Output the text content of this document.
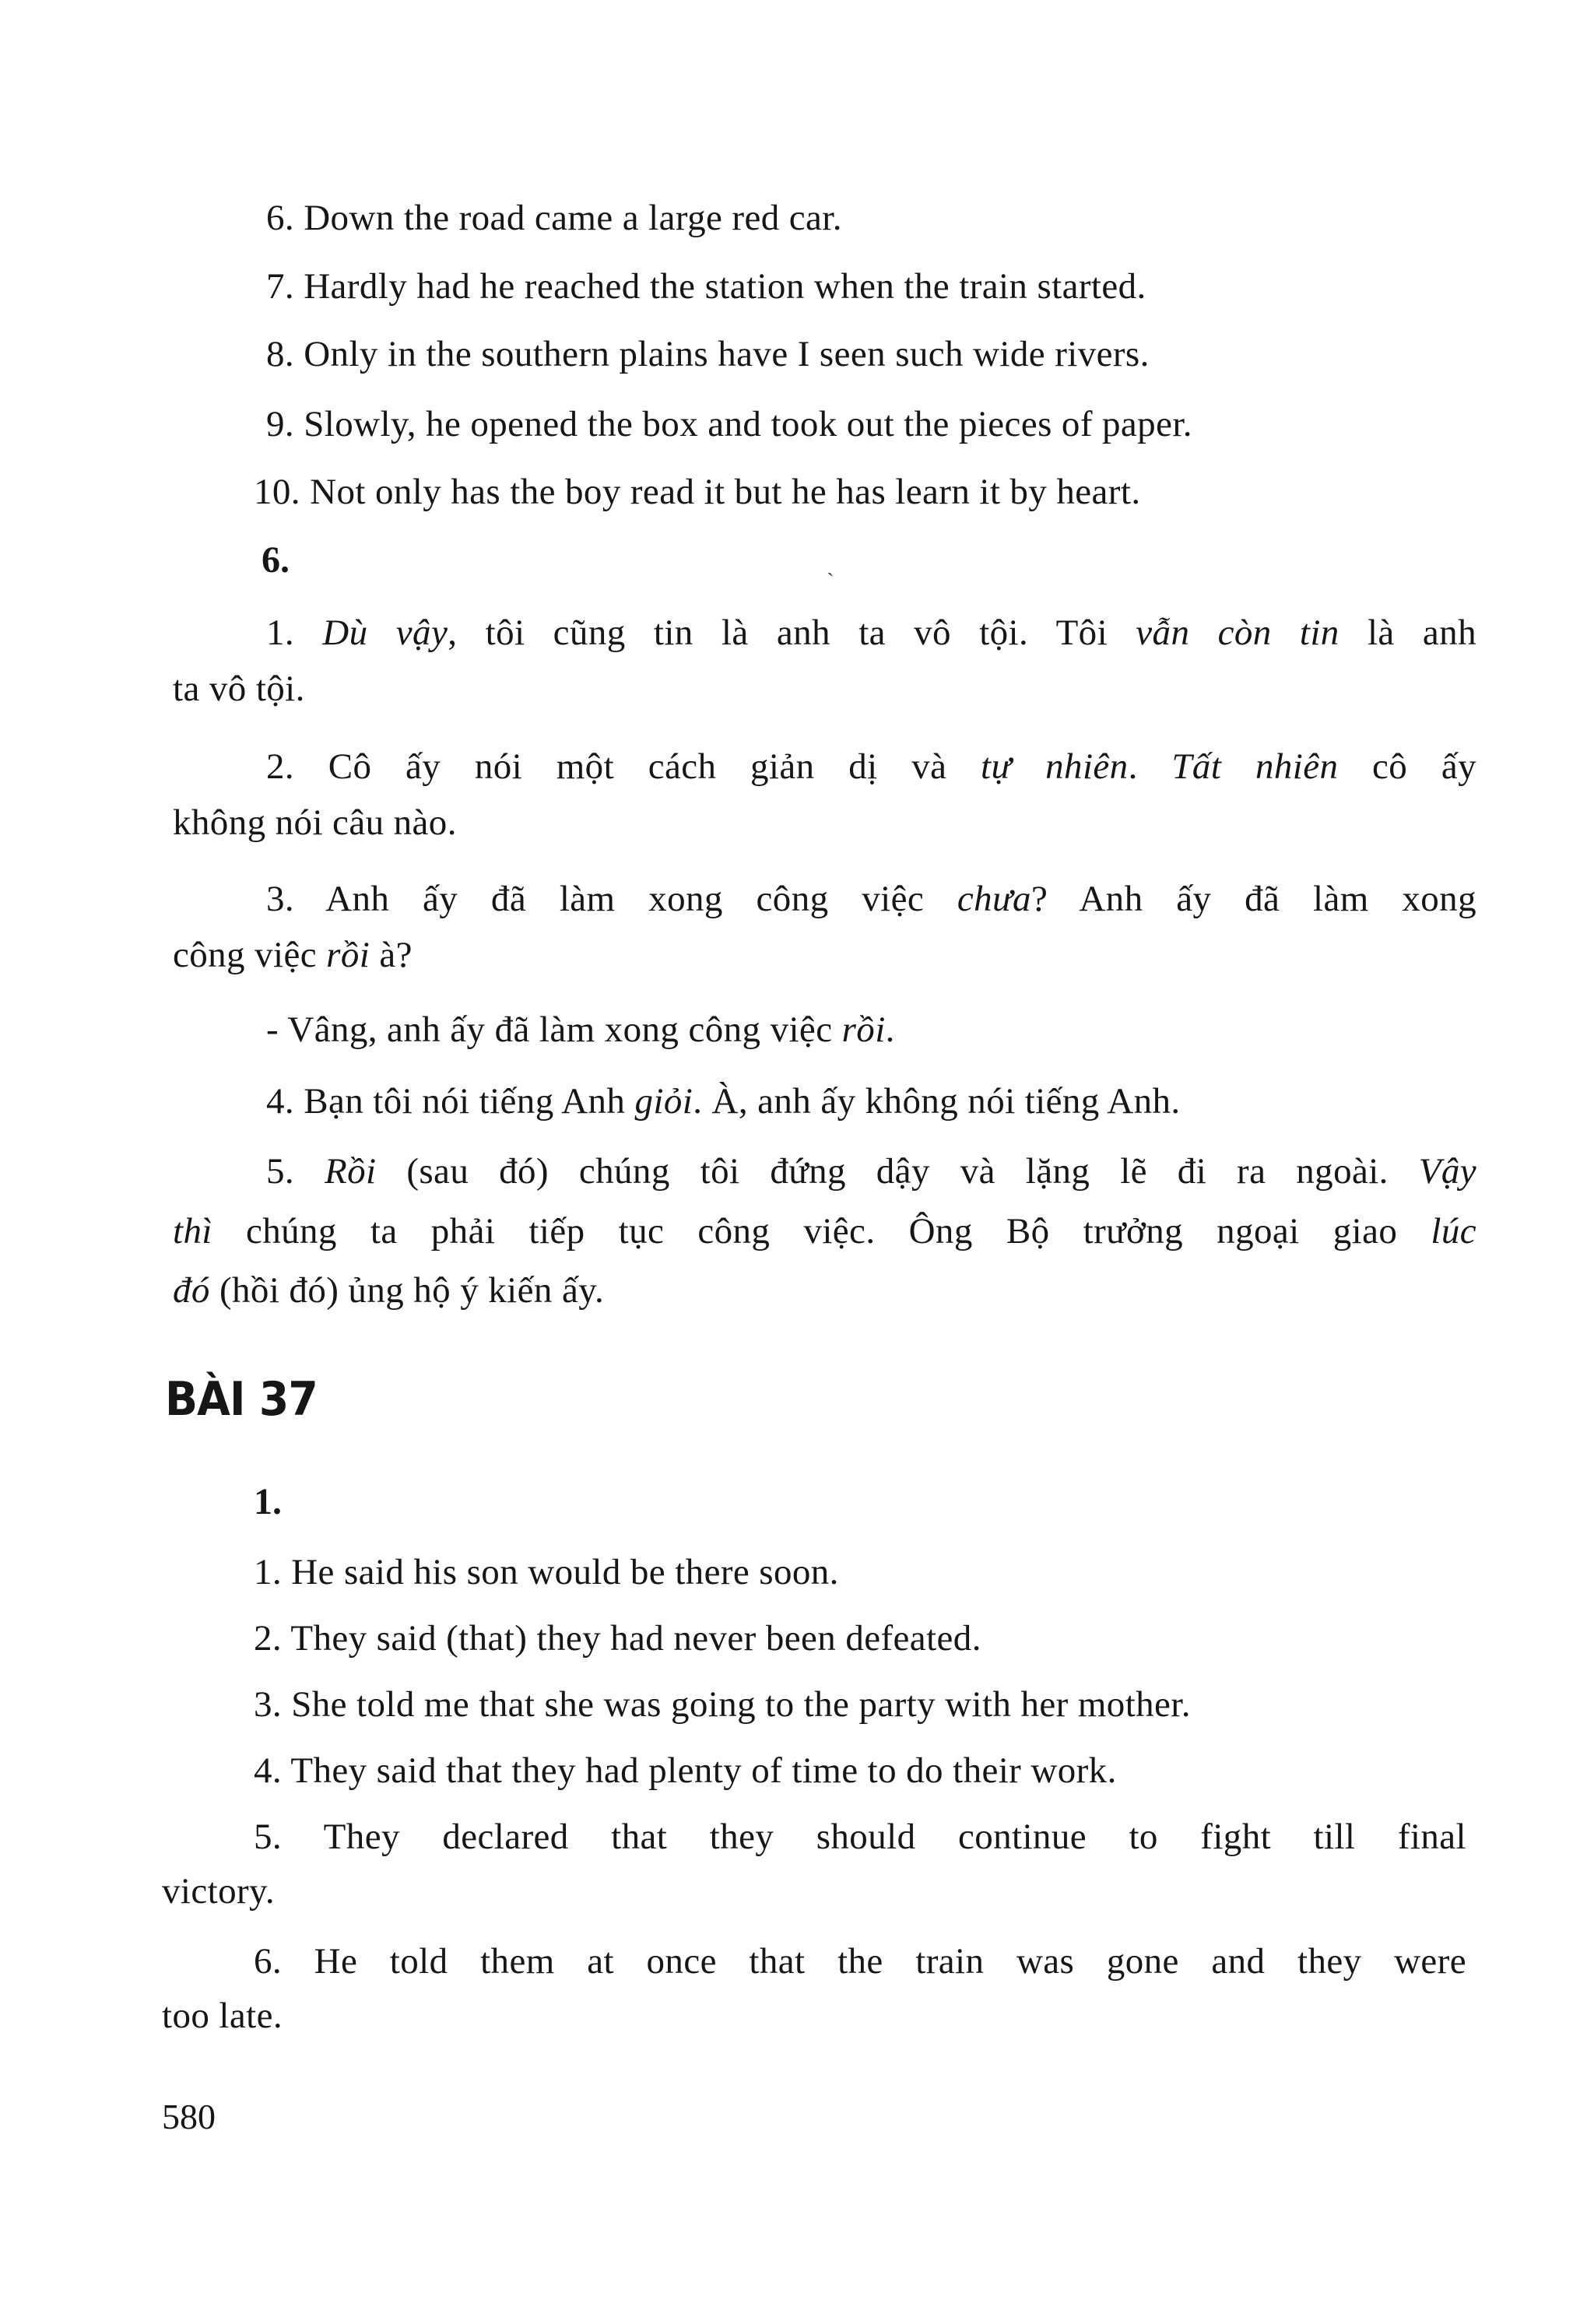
6. Down the road came a large red car.
7. Hardly had he reached the station when the train started.
8. Only in the southern plains have I seen such wide rivers.
9. Slowly, he opened the box and took out the pieces of paper.
10. Not only has the boy read it but he has learn it by heart.
6.	ˏ
1. Dù vậy, tôi cũng tin là anh ta vô tội. Tôi vẫn còn tin là anh
ta vô tội.
2. Cô ấy nói một cách giản dị và tự nhiên. Tất nhiên cô ấy
không nói câu nào.
3. Anh ấy đã làm xong công việc chưa? Anh ấy đã làm xong
công việc rồi à?
- Vâng, anh ấy đã làm xong công việc rồi.
4. Bạn tôi nói tiếng Anh giỏi. À, anh ấy không nói tiếng Anh.
5. Rồi (sau đó) chúng tôi đứng dậy và lặng lẽ đi ra ngoài. Vậy
thì chúng ta phải tiếp tục công việc. Ông Bộ trưởng ngoại giao lúc
đó (hồi đó) ủng hộ ý kiến ấy.
BÀI 37
1.
1. He said his son would be there soon.
2. They said (that) they had never been defeated.
3. She told me that she was going to the party with her mother.
4. They said that they had plenty of time to do their work.
5. They declared that they should continue to fight till final
victory.
6. He told them at once that the train was gone and they were
too late.
580
